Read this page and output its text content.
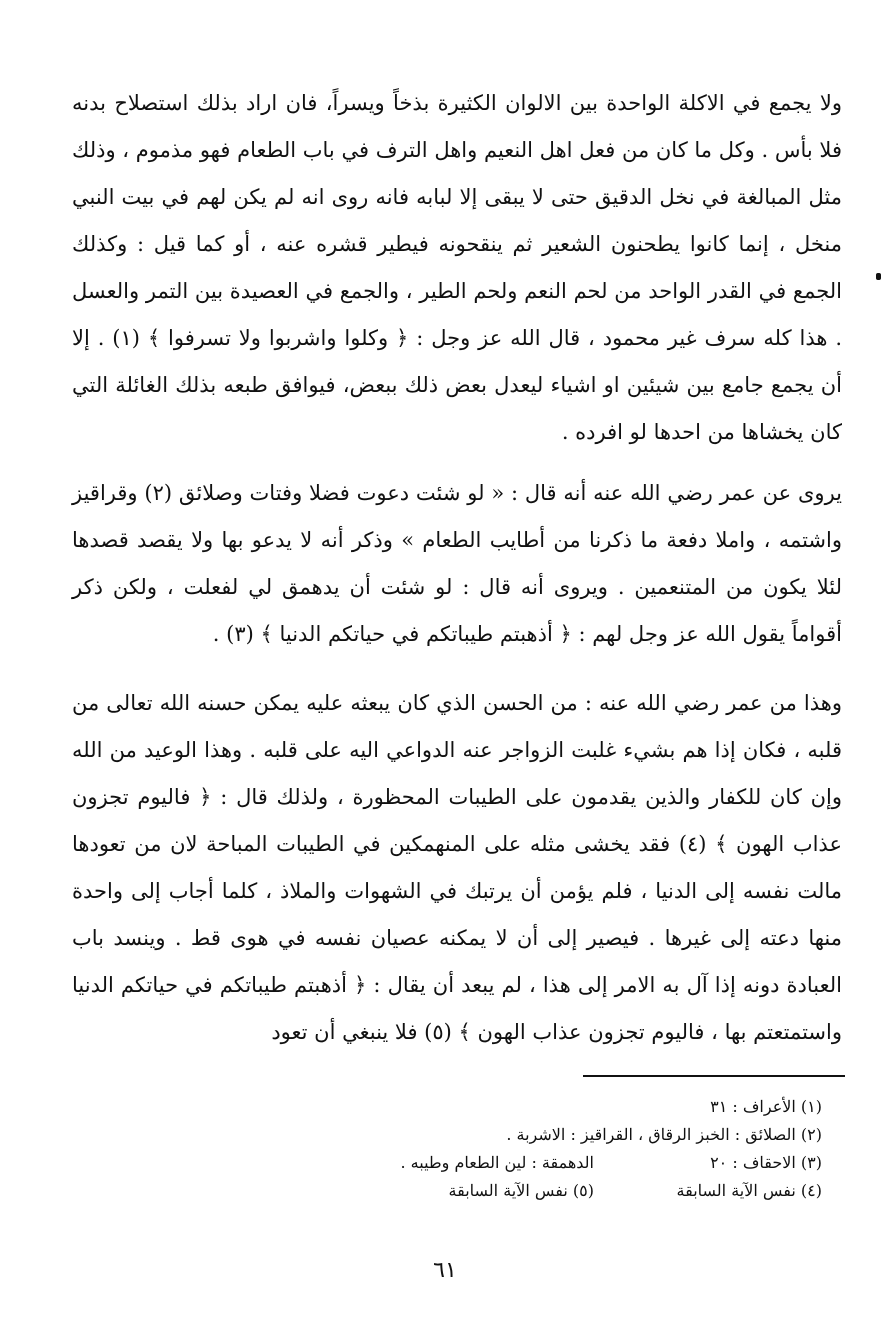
ولا يجمع في الاكلة الواحدة بين الالوان الكثيرة بذخاً ويسراً، فان اراد بذلك استصلاح بدنه فلا بأس . وكل ما كان من فعل اهل النعيم واهل الترف في باب الطعام فهو مذموم ، وذلك مثل المبالغة في نخل الدقيق حتى لا يبقى إلا لبابه فانه روى انه لم يكن لهم في بيت النبي منخل ، إنما كانوا يطحنون الشعير ثم ينقحونه فيطير قشره عنه ، أو كما قيل : وكذلك الجمع في القدر الواحد من لحم النعم ولحم الطير ، والجمع في العصيدة بين التمر والعسل . هذا كله سرف غير محمود ، قال الله عز وجل : ﴿ وكلوا واشربوا ولا تسرفوا ﴾ (١) . إلا أن يجمع جامع بين شيئين او اشياء ليعدل بعض ذلك ببعض، فيوافق طبعه بذلك الغائلة التي كان يخشاها من احدها لو افرده .

يروى عن عمر رضي الله عنه أنه قال : « لو شئت دعوت فضلا وفتات وصلائق (٢) وقراقيز واشتمه ، واملا دفعة ما ذكرنا من أطايب الطعام » وذكر أنه لا يدعو بها ولا يقصد قصدها لئلا يكون من المتنعمين . ويروى أنه قال : لو شئت أن يدهمق لي لفعلت ، ولكن ذكر أقواماً يقول الله عز وجل لهم : ﴿ أذهبتم طيباتكم في حياتكم الدنيا ﴾ (٣) .

وهذا من عمر رضي الله عنه : من الحسن الذي كان يبعثه عليه يمكن حسنه الله تعالى من قلبه ، فكان إذا هم بشيء غلبت الزواجر عنه الدواعي اليه على قلبه . وهذا الوعيد من الله وإن كان للكفار والذين يقدمون على الطيبات المحظورة ، ولذلك قال : ﴿ فاليوم تجزون عذاب الهون ﴾ (٤) فقد يخشى مثله على المنهمكين في الطيبات المباحة لان من تعودها مالت نفسه إلى الدنيا ، فلم يؤمن أن يرتبك في الشهوات والملاذ ، كلما أجاب إلى واحدة منها دعته إلى غيرها . فيصير إلى أن لا يمكنه عصيان نفسه في هوى قط . وينسد باب العبادة دونه إذا آل به الامر إلى هذا ، لم يبعد أن يقال : ﴿ أذهبتم طيباتكم في حياتكم الدنيا واستمتعتم بها ، فاليوم تجزون عذاب الهون ﴾ (٥) فلا ينبغي أن تعود

(١) الأعراف : ٣١
(٢) الصلائق : الخبز الرقاق ، القراقيز : الاشربة .
(٣) الاحقاف : ٢٠
الدهمقة : لين الطعام وطيبه .
(٤) نفس الآية السابقة
(٥) نفس الآية السابقة
٦١
